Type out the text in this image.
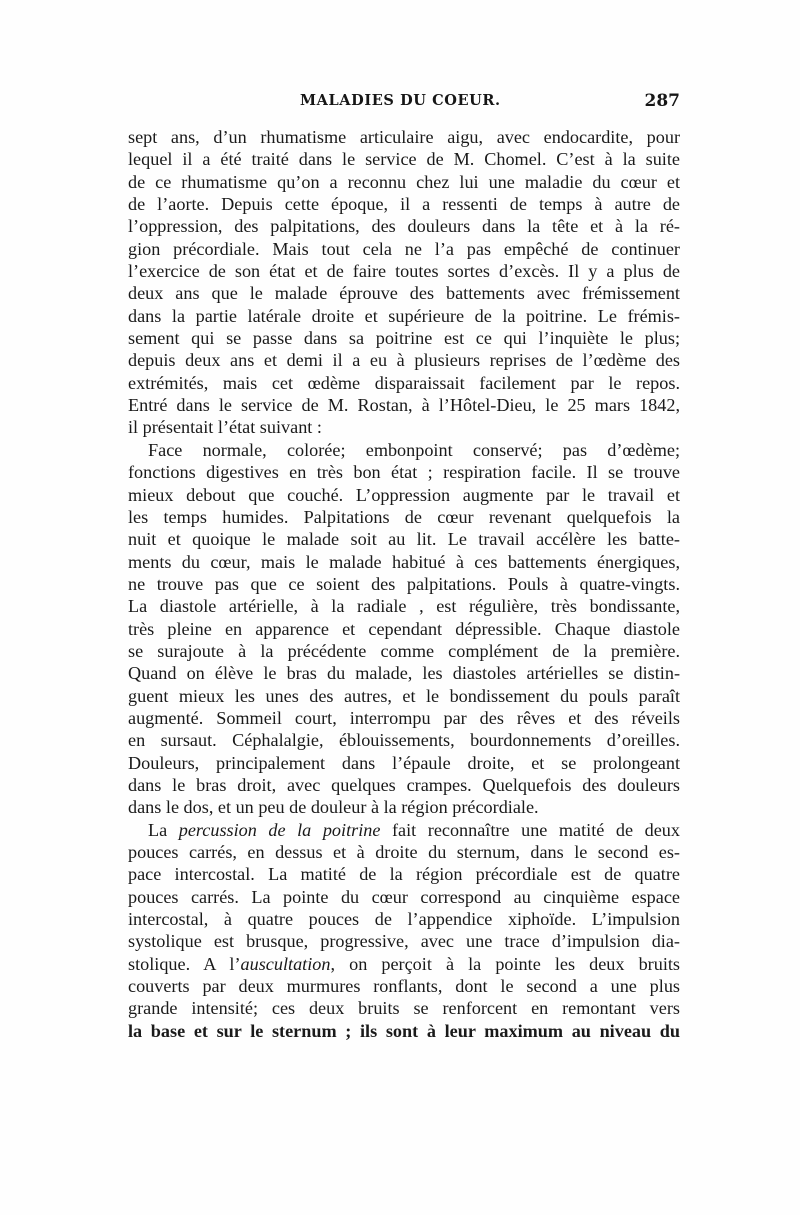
MALADIES DU COEUR.	287
sept ans, d’un rhumatisme articulaire aigu, avec endocardite, pour
lequel il a été traité dans le service de M. Chomel. C’est à la suite
de ce rhumatisme qu’on a reconnu chez lui une maladie du cœur et
de l’aorte. Depuis cette époque, il a ressenti de temps à autre de
l’oppression, des palpitations, des douleurs dans la tête et à la ré-
gion précordiale. Mais tout cela ne l’a pas empêché de continuer
l’exercice de son état et de faire toutes sortes d’excès. Il y a plus de
deux ans que le malade éprouve des battements avec frémissement
dans la partie latérale droite et supérieure de la poitrine. Le frémis-
sement qui se passe dans sa poitrine est ce qui l’inquiète le plus;
depuis deux ans et demi il a eu à plusieurs reprises de l’œdème des
extrémités, mais cet œdème disparaissait facilement par le repos.
Entré dans le service de M. Rostan, à l’Hôtel-Dieu, le 25 mars 1842,
il présentait l’état suivant :
Face normale, colorée; embonpoint conservé; pas d’œdème;
fonctions digestives en très bon état ; respiration facile. Il se trouve
mieux debout que couché. L’oppression augmente par le travail et
les temps humides. Palpitations de cœur revenant quelquefois la
nuit et quoique le malade soit au lit. Le travail accélère les batte-
ments du cœur, mais le malade habitué à ces battements énergiques,
ne trouve pas que ce soient des palpitations. Pouls à quatre-vingts.
La diastole artérielle, à la radiale , est régulière, très bondissante,
très pleine en apparence et cependant dépressible. Chaque diastole
se surajoute à la précédente comme complément de la première.
Quand on élève le bras du malade, les diastoles artérielles se distin-
guent mieux les unes des autres, et le bondissement du pouls paraît
augmenté. Sommeil court, interrompu par des rêves et des réveils
en sursaut. Céphalalgie, éblouissements, bourdonnements d’oreilles.
Douleurs, principalement dans l’épaule droite, et se prolongeant
dans le bras droit, avec quelques crampes. Quelquefois des douleurs
dans le dos, et un peu de douleur à la région précordiale.
La percussion de la poitrine fait reconnaître une matité de deux
pouces carrés, en dessus et à droite du sternum, dans le second es-
pace intercostal. La matité de la région précordiale est de quatre
pouces carrés. La pointe du cœur correspond au cinquième espace
intercostal, à quatre pouces de l’appendice xiphoïde. L’impulsion
systolique est brusque, progressive, avec une trace d’impulsion dia-
stolique. A l’auscultation, on perçoit à la pointe les deux bruits
couverts par deux murmures ronflants, dont le second a une plus
grande intensité; ces deux bruits se renforcent en remontant vers
la base et sur le sternum ; ils sont à leur maximum au niveau du
